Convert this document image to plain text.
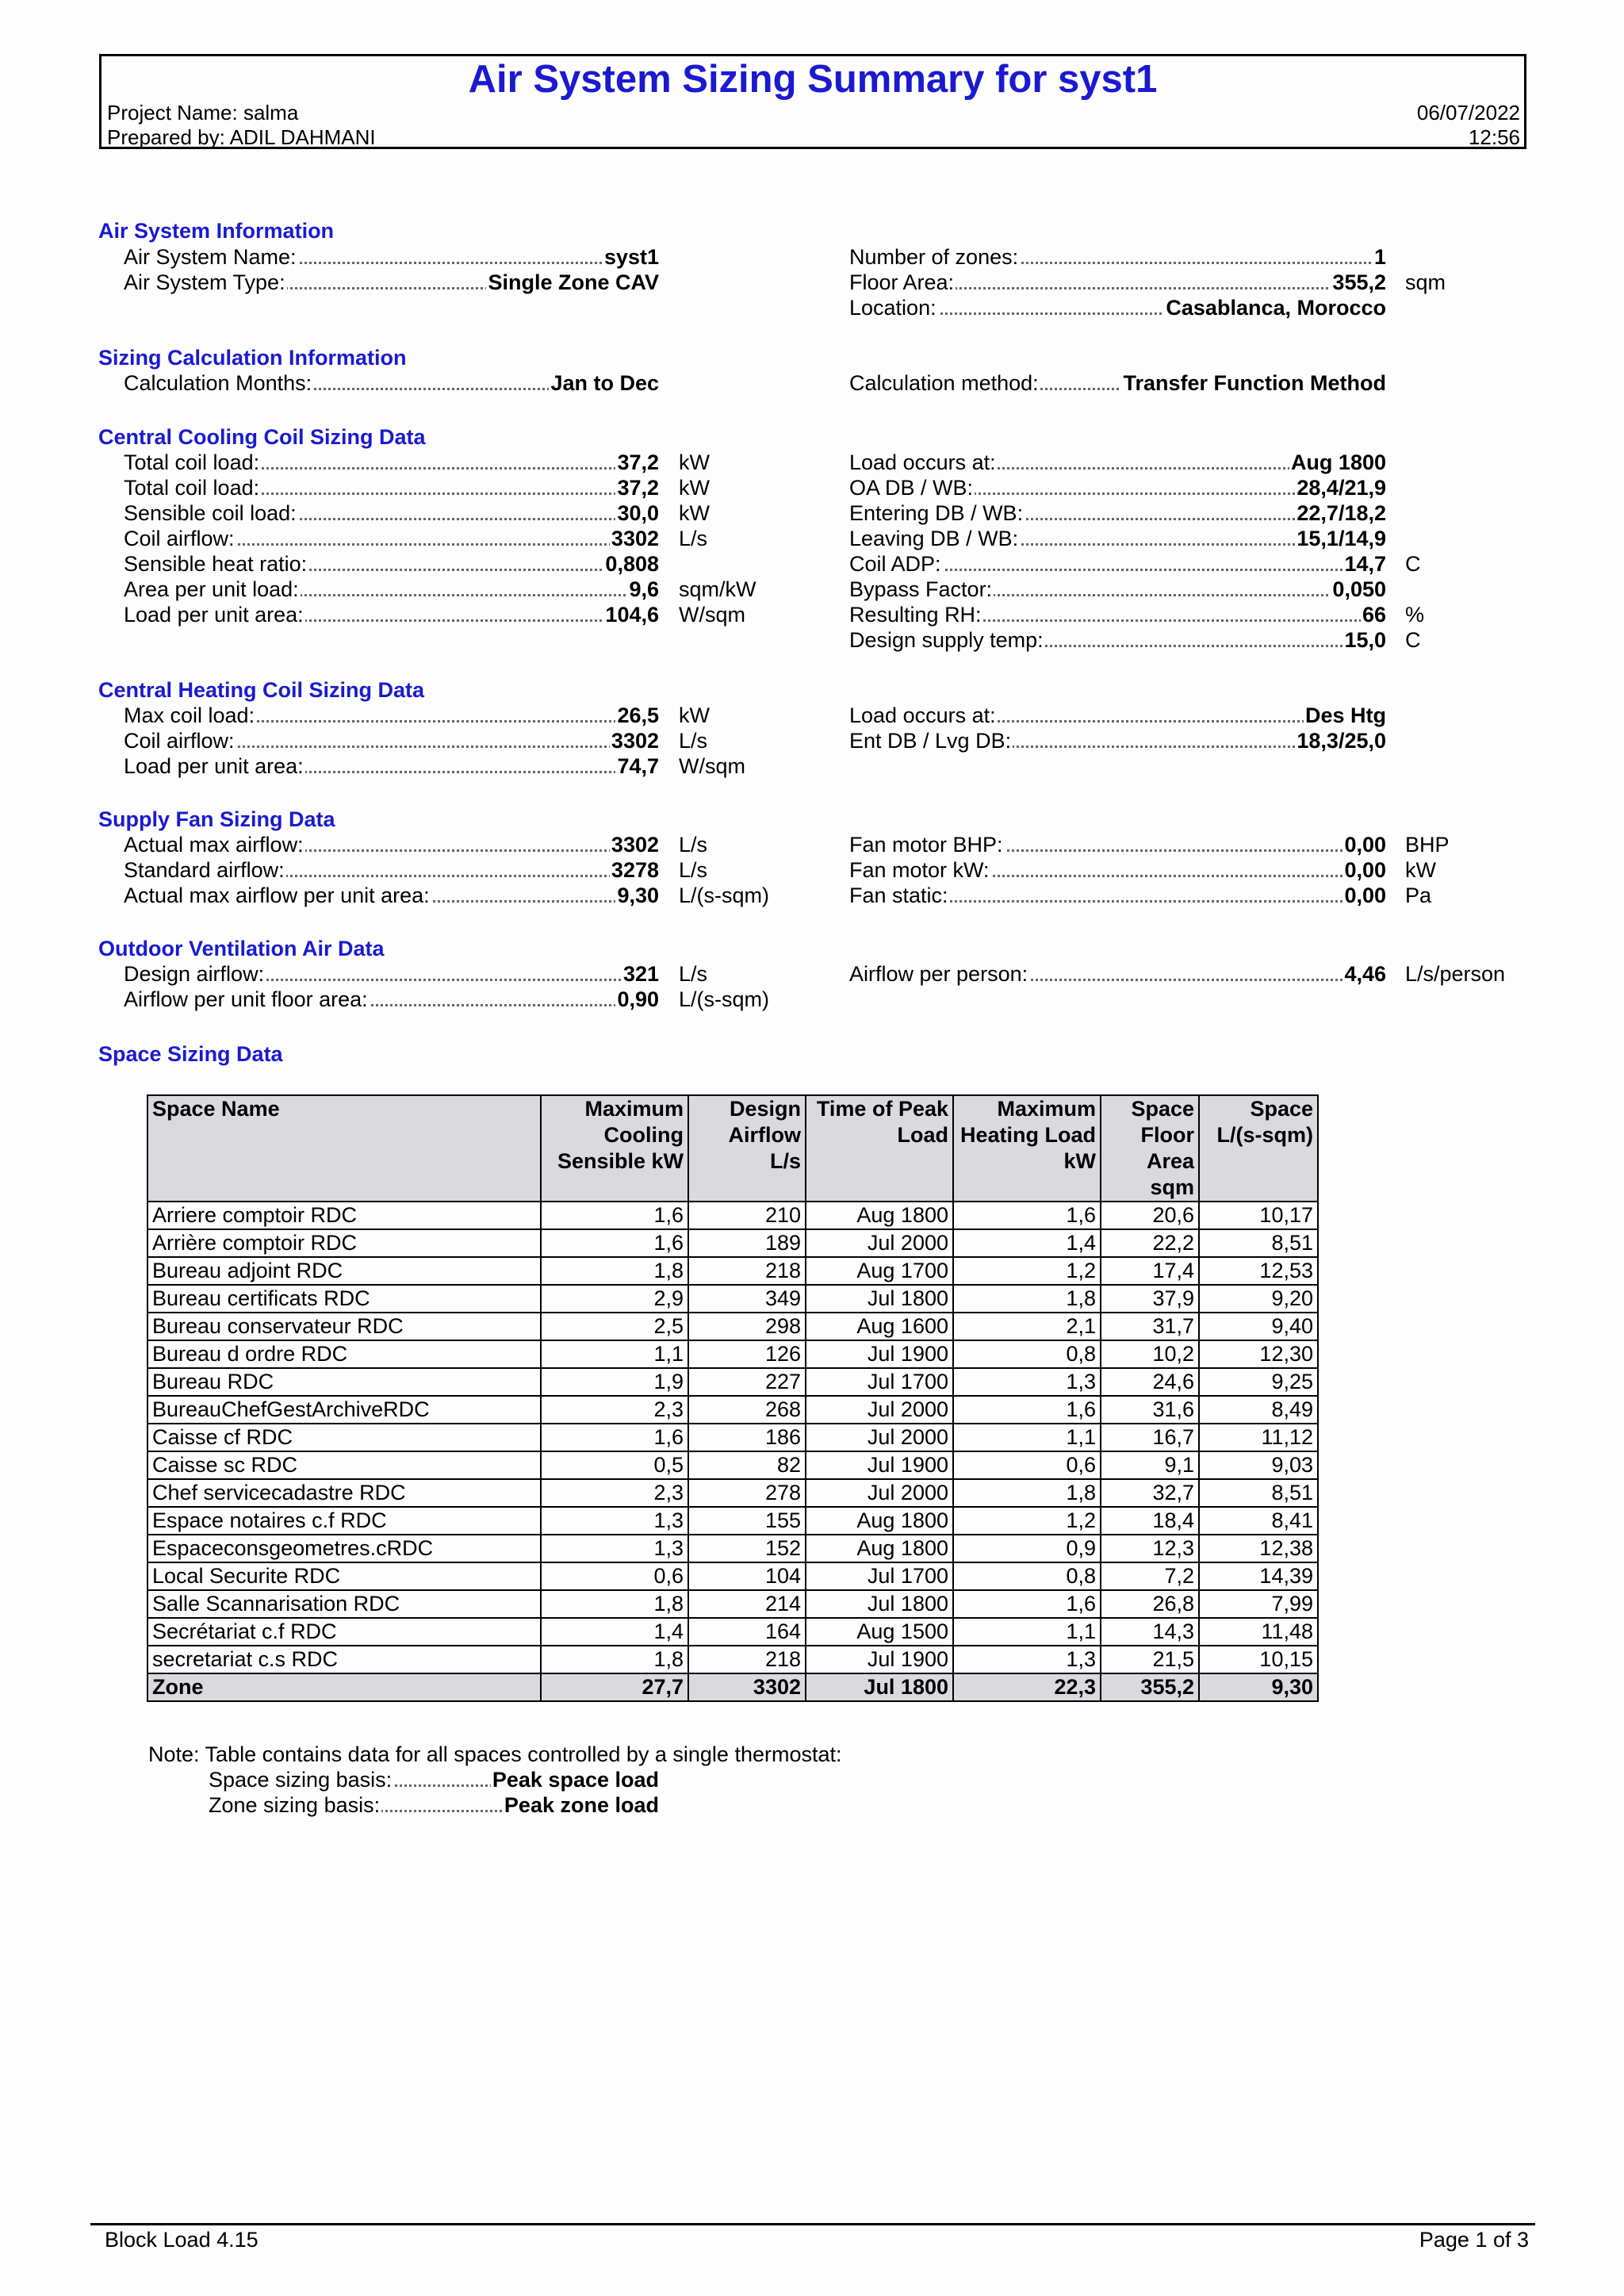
Air System Sizing Summary for syst1
Project Name: salma
Prepared by: ADIL DAHMANI
06/07/2022
12:56
Air System Information
Air System Name:	syst1
Air System Type:	Single Zone CAV
Number of zones:	1
Floor Area:	355,2 sqm
Location:	Casablanca, Morocco
Sizing Calculation Information
Calculation Months:	Jan to Dec	Calculation method:	Transfer Function Method
Central Cooling Coil Sizing Data
Total coil load:	37,2 kW
Total coil load:	37,2 kW
Sensible coil load:	30,0 kW
Coil airflow:	3302 L/s
Sensible heat ratio:	0,808
Area per unit load:	9,6 sqm/kW
Load per unit area:	104,6 W/sqm
Load occurs at:	Aug 1800
OA DB / WB:	28,4/21,9
Entering DB / WB:	22,7/18,2
Leaving DB / WB:	15,1/14,9
Coil ADP:	14,7 C
Bypass Factor:	0,050
Resulting RH:	66 %
Design supply temp:	15,0 C
Central Heating Coil Sizing Data
Max coil load:	26,5 kW
Coil airflow:	3302 L/s
Load per unit area:	74,7 W/sqm
Load occurs at:	Des Htg
Ent DB / Lvg DB:	18,3/25,0
Supply Fan Sizing Data
Actual max airflow:	3302 L/s
Standard airflow:	3278 L/s
Actual max airflow per unit area:	9,30 L/(s-sqm)
Fan motor BHP:	0,00 BHP
Fan motor kW:	0,00 kW
Fan static:	0,00 Pa
Outdoor Ventilation Air Data
Design airflow:	321 L/s
Airflow per unit floor area:	0,90 L/(s-sqm)
Airflow per person:	4,46 L/s/person
Space Sizing Data
Space Name	Maximum Cooling Sensible kW	Design Airflow L/s	Time of Peak Load	Maximum Heating Load kW	Space Floor Area sqm	Space L/(s-sqm)
Arriere comptoir RDC	1,6	210	Aug 1800	1,6	20,6	10,17
Arrière comptoir RDC	1,6	189	Jul 2000	1,4	22,2	8,51
Bureau adjoint RDC	1,8	218	Aug 1700	1,2	17,4	12,53
Bureau certificats RDC	2,9	349	Jul 1800	1,8	37,9	9,20
Bureau conservateur RDC	2,5	298	Aug 1600	2,1	31,7	9,40
Bureau d ordre RDC	1,1	126	Jul 1900	0,8	10,2	12,30
Bureau RDC	1,9	227	Jul 1700	1,3	24,6	9,25
BureauChefGestArchiveRDC	2,3	268	Jul 2000	1,6	31,6	8,49
Caisse cf RDC	1,6	186	Jul 2000	1,1	16,7	11,12
Caisse sc RDC	0,5	82	Jul 1900	0,6	9,1	9,03
Chef servicecadastre RDC	2,3	278	Jul 2000	1,8	32,7	8,51
Espace notaires c.f RDC	1,3	155	Aug 1800	1,2	18,4	8,41
Espaceconsgeometres.cRDC	1,3	152	Aug 1800	0,9	12,3	12,38
Local Securite RDC	0,6	104	Jul 1700	0,8	7,2	14,39
Salle Scannarisation RDC	1,8	214	Jul 1800	1,6	26,8	7,99
Secrétariat c.f RDC	1,4	164	Aug 1500	1,1	14,3	11,48
secretariat c.s RDC	1,8	218	Jul 1900	1,3	21,5	10,15
Zone	27,7	3302	Jul 1800	22,3	355,2	9,30
Note: Table contains data for all spaces controlled by a single thermostat:
Space sizing basis:	Peak space load
Zone sizing basis:	Peak zone load
Block Load 4.15	Page 1 of 3
